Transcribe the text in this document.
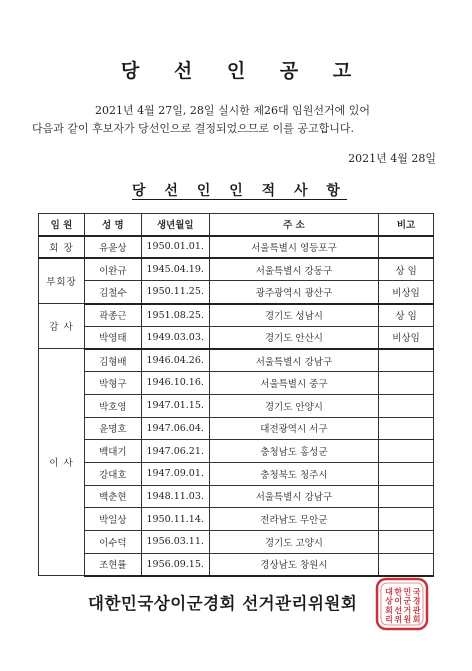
당 선 인 공 고
2021년 4월 27일, 28일 실시한 제26대 임원선거에 있어
다음과 같이 후보자가 당선인으로 결정되었으므로 이를 공고합니다.
2021년 4월 28일
당 선 인 인 적 사 항
임 원	성 명	생년월일	주 소	비고
회 장	유윤상	1950.01.01.	서울특별시 영등포구	
부회장	이완규	1945.04.19.	서울특별시 강동구	상 임
	김철수	1950.11.25.	광주광역시 광산구	비상임
감 사	곽종근	1951.08.25.	경기도 성남시	상 임
	박영태	1949.03.03.	경기도 안산시	비상임
이 사	김형배	1946.04.26.	서울특별시 강남구	
	박형구	1946.10.16.	서울특별시 중구	
	박호영	1947.01.15.	경기도 안양시	
	윤명호	1947.06.04.	대전광역시 서구	
	백대기	1947.06.21.	충청남도 홍성군	
	강대호	1947.09.01.	충청북도 청주시	
	백춘현	1948.11.03.	서울특별시 강남구	
	박일상	1950.11.14.	전라남도 무안군	
	이수덕	1956.03.11.	경기도 고양시	
	조현률	1956.09.15.	경상남도 창원시	
대한민국상이군경회 선거관리위원회
대 한 민 국
상 이 군 경
회 선 거 관
리 위 원 회
